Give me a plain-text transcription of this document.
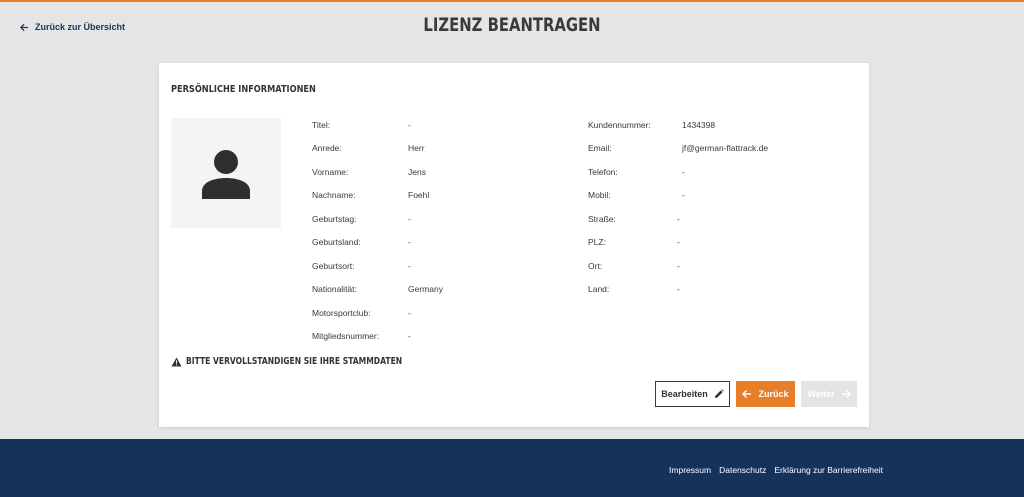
Zurück zur Übersicht	LIZENZ BEANTRAGEN
PERSÖNLICHE INFORMATIONEN
Titel:	-
Anrede:	Herr
Vorname:	Jens
Nachname:	Foehl
Geburtstag:	-
Geburtsland:	-
Geburtsort:	-
Nationalität:	Germany
Motorsportclub:	-
Mitgliedsnummer:	-
Kundennummer:	1434398
Email:	jf@german-flattrack.de
Telefon:	-
Mobil:	-
Straße:	-
PLZ:	-
Ort:	-
Land:	-
BITTE VERVOLLSTÄNDIGEN SIE IHRE STAMMDATEN
Bearbeiten	Zurück Weiter
Impressum Datenschutz Erklärung zur Barrierefreiheit
